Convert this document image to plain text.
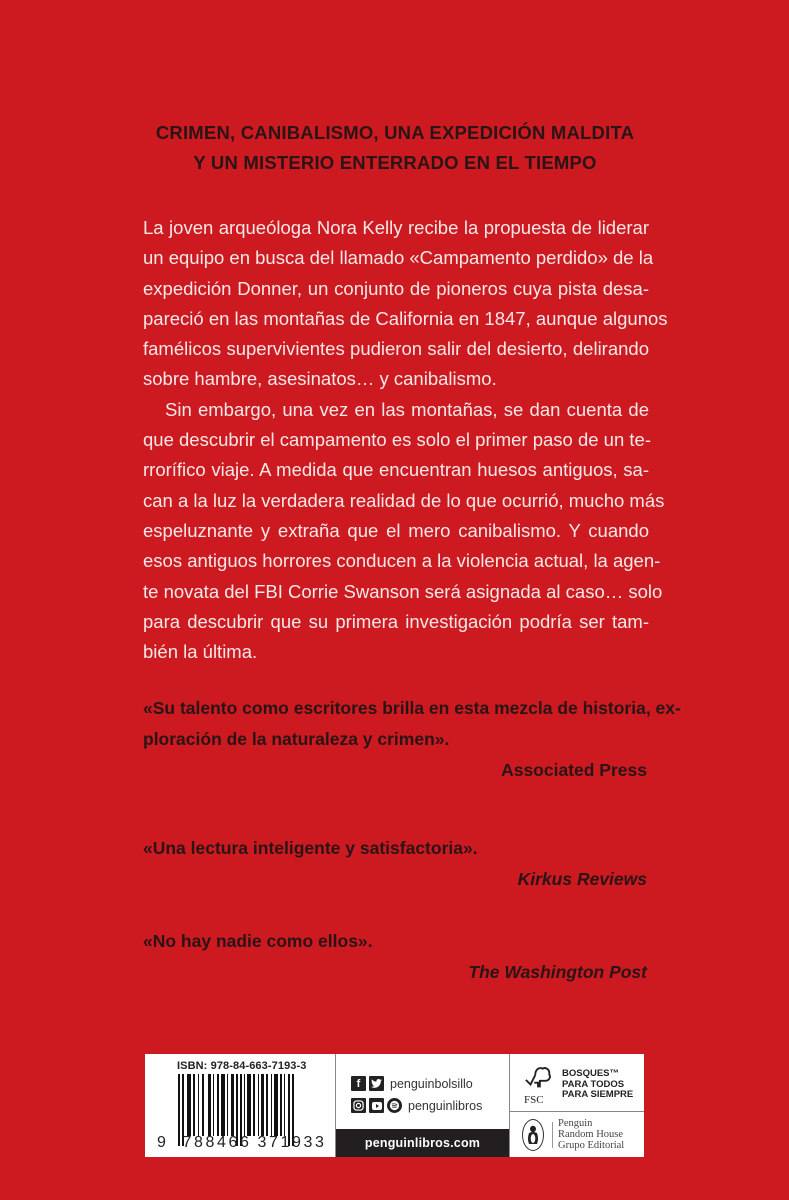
CRIMEN, CANIBALISMO, UNA EXPEDICIÓN MALDITA
Y UN MISTERIO ENTERRADO EN EL TIEMPO

La joven arqueóloga Nora Kelly recibe la propuesta de liderar
un equipo en busca del llamado «Campamento perdido» de la
expedición Donner, un conjunto de pioneros cuya pista desa-
pareció en las montañas de California en 1847, aunque algunos
famélicos supervivientes pudieron salir del desierto, delirando
sobre hambre, asesinatos… y canibalismo.

Sin embargo, una vez en las montañas, se dan cuenta de
que descubrir el campamento es solo el primer paso de un te-
rrorífico viaje. A medida que encuentran huesos antiguos, sa-
can a la luz la verdadera realidad de lo que ocurrió, mucho más
espeluznante y extraña que el mero canibalismo. Y cuando
esos antiguos horrores conducen a la violencia actual, la agen-
te novata del FBI Corrie Swanson será asignada al caso… solo
para descubrir que su primera investigación podría ser tam-
bién la última.

«Su talento como escritores brilla en esta mezcla de historia, ex-
ploración de la naturaleza y crimen».
Associated Press
«Una lectura inteligente y satisfactoria».
Kirkus Reviews
«No hay nadie como ellos».
The Washington Post
ISBN: 978-84-663-7193-3
9 788466 371933
f	penguinbolsillo
penguinlibros
penguinlibros.com
FSC
BOSQUES™
PARA TODOS
PARA SIEMPRE
Penguin
Random House
Grupo Editorial
